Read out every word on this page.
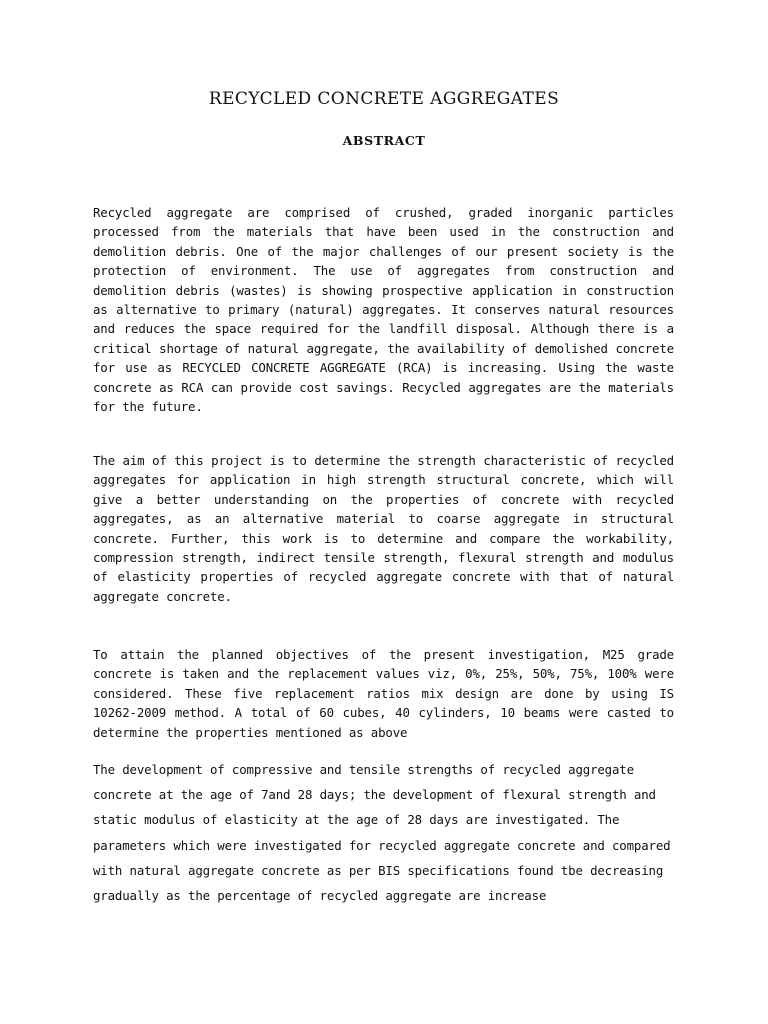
RECYCLED CONCRETE AGGREGATES
ABSTRACT

Recycled aggregate are comprised of crushed, graded inorganic particles processed from the materials that have been used in the construction and demolition debris. One of the major challenges of our present society is the protection of environment. The use of aggregates from construction and demolition debris (wastes) is showing prospective application in construction as alternative to primary (natural) aggregates. It conserves natural resources and reduces the space required for the landfill disposal. Although there is a critical shortage of natural aggregate, the availability of demolished concrete for use as RECYCLED CONCRETE AGGREGATE (RCA) is increasing. Using the waste concrete as RCA can provide cost savings. Recycled aggregates are the materials for the future.

The aim of this project is to determine the strength characteristic of recycled aggregates for application in high strength structural concrete, which will give a better understanding on the properties of concrete with recycled aggregates, as an alternative material to coarse aggregate in structural concrete. Further, this work is to determine and compare the workability, compression strength, indirect tensile strength, flexural strength and modulus of elasticity properties of recycled aggregate concrete with that of natural aggregate concrete.

To attain the planned objectives of the present investigation, M25 grade concrete is taken and the replacement values viz, 0%, 25%, 50%, 75%, 100% were considered. These five replacement ratios mix design are done by using IS 10262-2009 method. A total of 60 cubes, 40 cylinders, 10 beams were casted to determine the properties mentioned as above

The development of compressive and tensile strengths of recycled aggregate concrete at the age of 7and 28 days; the development of flexural strength and static modulus of elasticity at the age of 28 days are investigated. The parameters which were investigated for recycled aggregate concrete and compared with natural aggregate concrete as per BIS specifications found tbe decreasing gradually as the percentage of recycled aggregate are increase
